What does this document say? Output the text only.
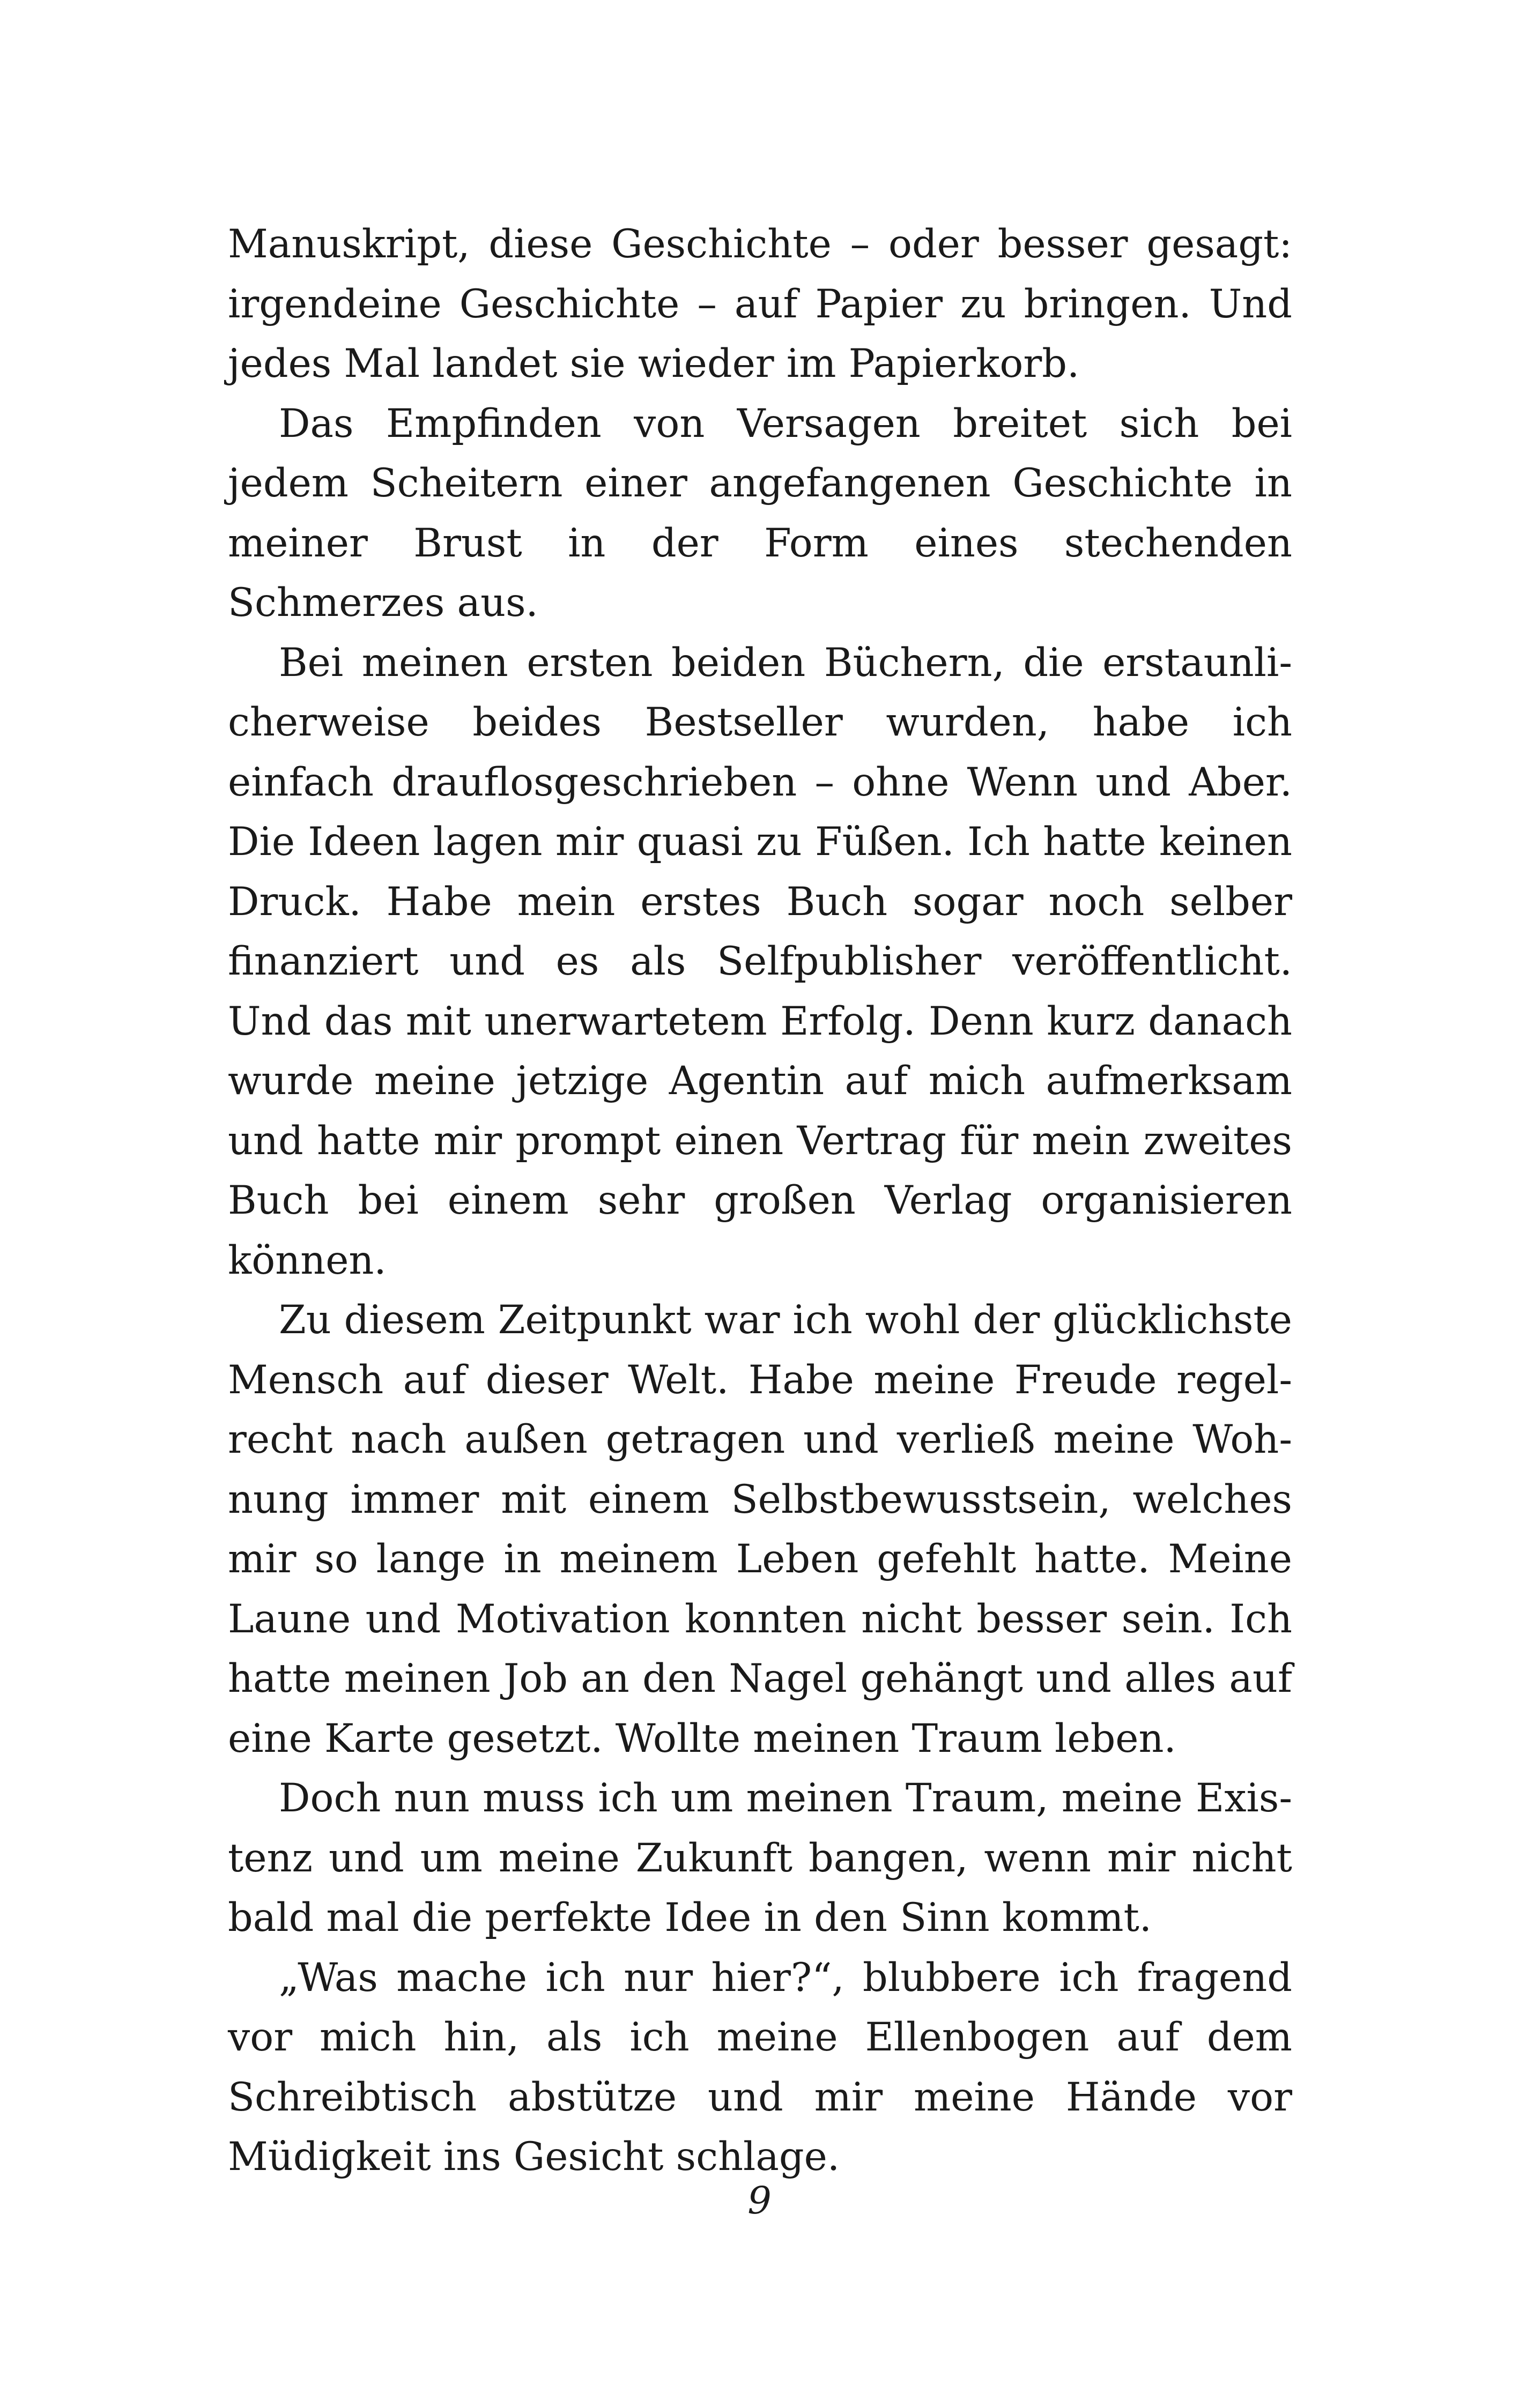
Manuskript, diese Geschichte – oder besser gesagt: irgendeine Geschichte – auf Papier zu bringen. Und jedes Mal landet sie wieder im Papierkorb.

Das Empfinden von Versagen breitet sich bei jedem Scheitern einer angefangenen Geschichte in meiner Brust in der Form eines stechenden Schmerzes aus.

Bei meinen ersten beiden Büchern, die erstaunlicherweise beides Bestseller wurden, habe ich einfach drauflosgeschrieben – ohne Wenn und Aber. Die Ideen lagen mir quasi zu Füßen. Ich hatte keinen Druck. Habe mein erstes Buch sogar noch selber finanziert und es als Selfpublisher veröffentlicht. Und das mit unerwartetem Erfolg. Denn kurz danach wurde meine jetzige Agentin auf mich aufmerksam und hatte mir prompt einen Vertrag für mein zweites Buch bei einem sehr großen Verlag organisieren können.

Zu diesem Zeitpunkt war ich wohl der glücklichste Mensch auf dieser Welt. Habe meine Freude regelrecht nach außen getragen und verließ meine Wohnung immer mit einem Selbstbewusstsein, welches mir so lange in meinem Leben gefehlt hatte. Meine Laune und Motivation konnten nicht besser sein. Ich hatte meinen Job an den Nagel gehängt und alles auf eine Karte gesetzt. Wollte meinen Traum leben.

Doch nun muss ich um meinen Traum, meine Existenz und um meine Zukunft bangen, wenn mir nicht bald mal die perfekte Idee in den Sinn kommt.

„Was mache ich nur hier?“, blubbere ich fragend vor mich hin, als ich meine Ellenbogen auf dem Schreibtisch abstütze und mir meine Hände vor Müdigkeit ins Gesicht schlage.

9
